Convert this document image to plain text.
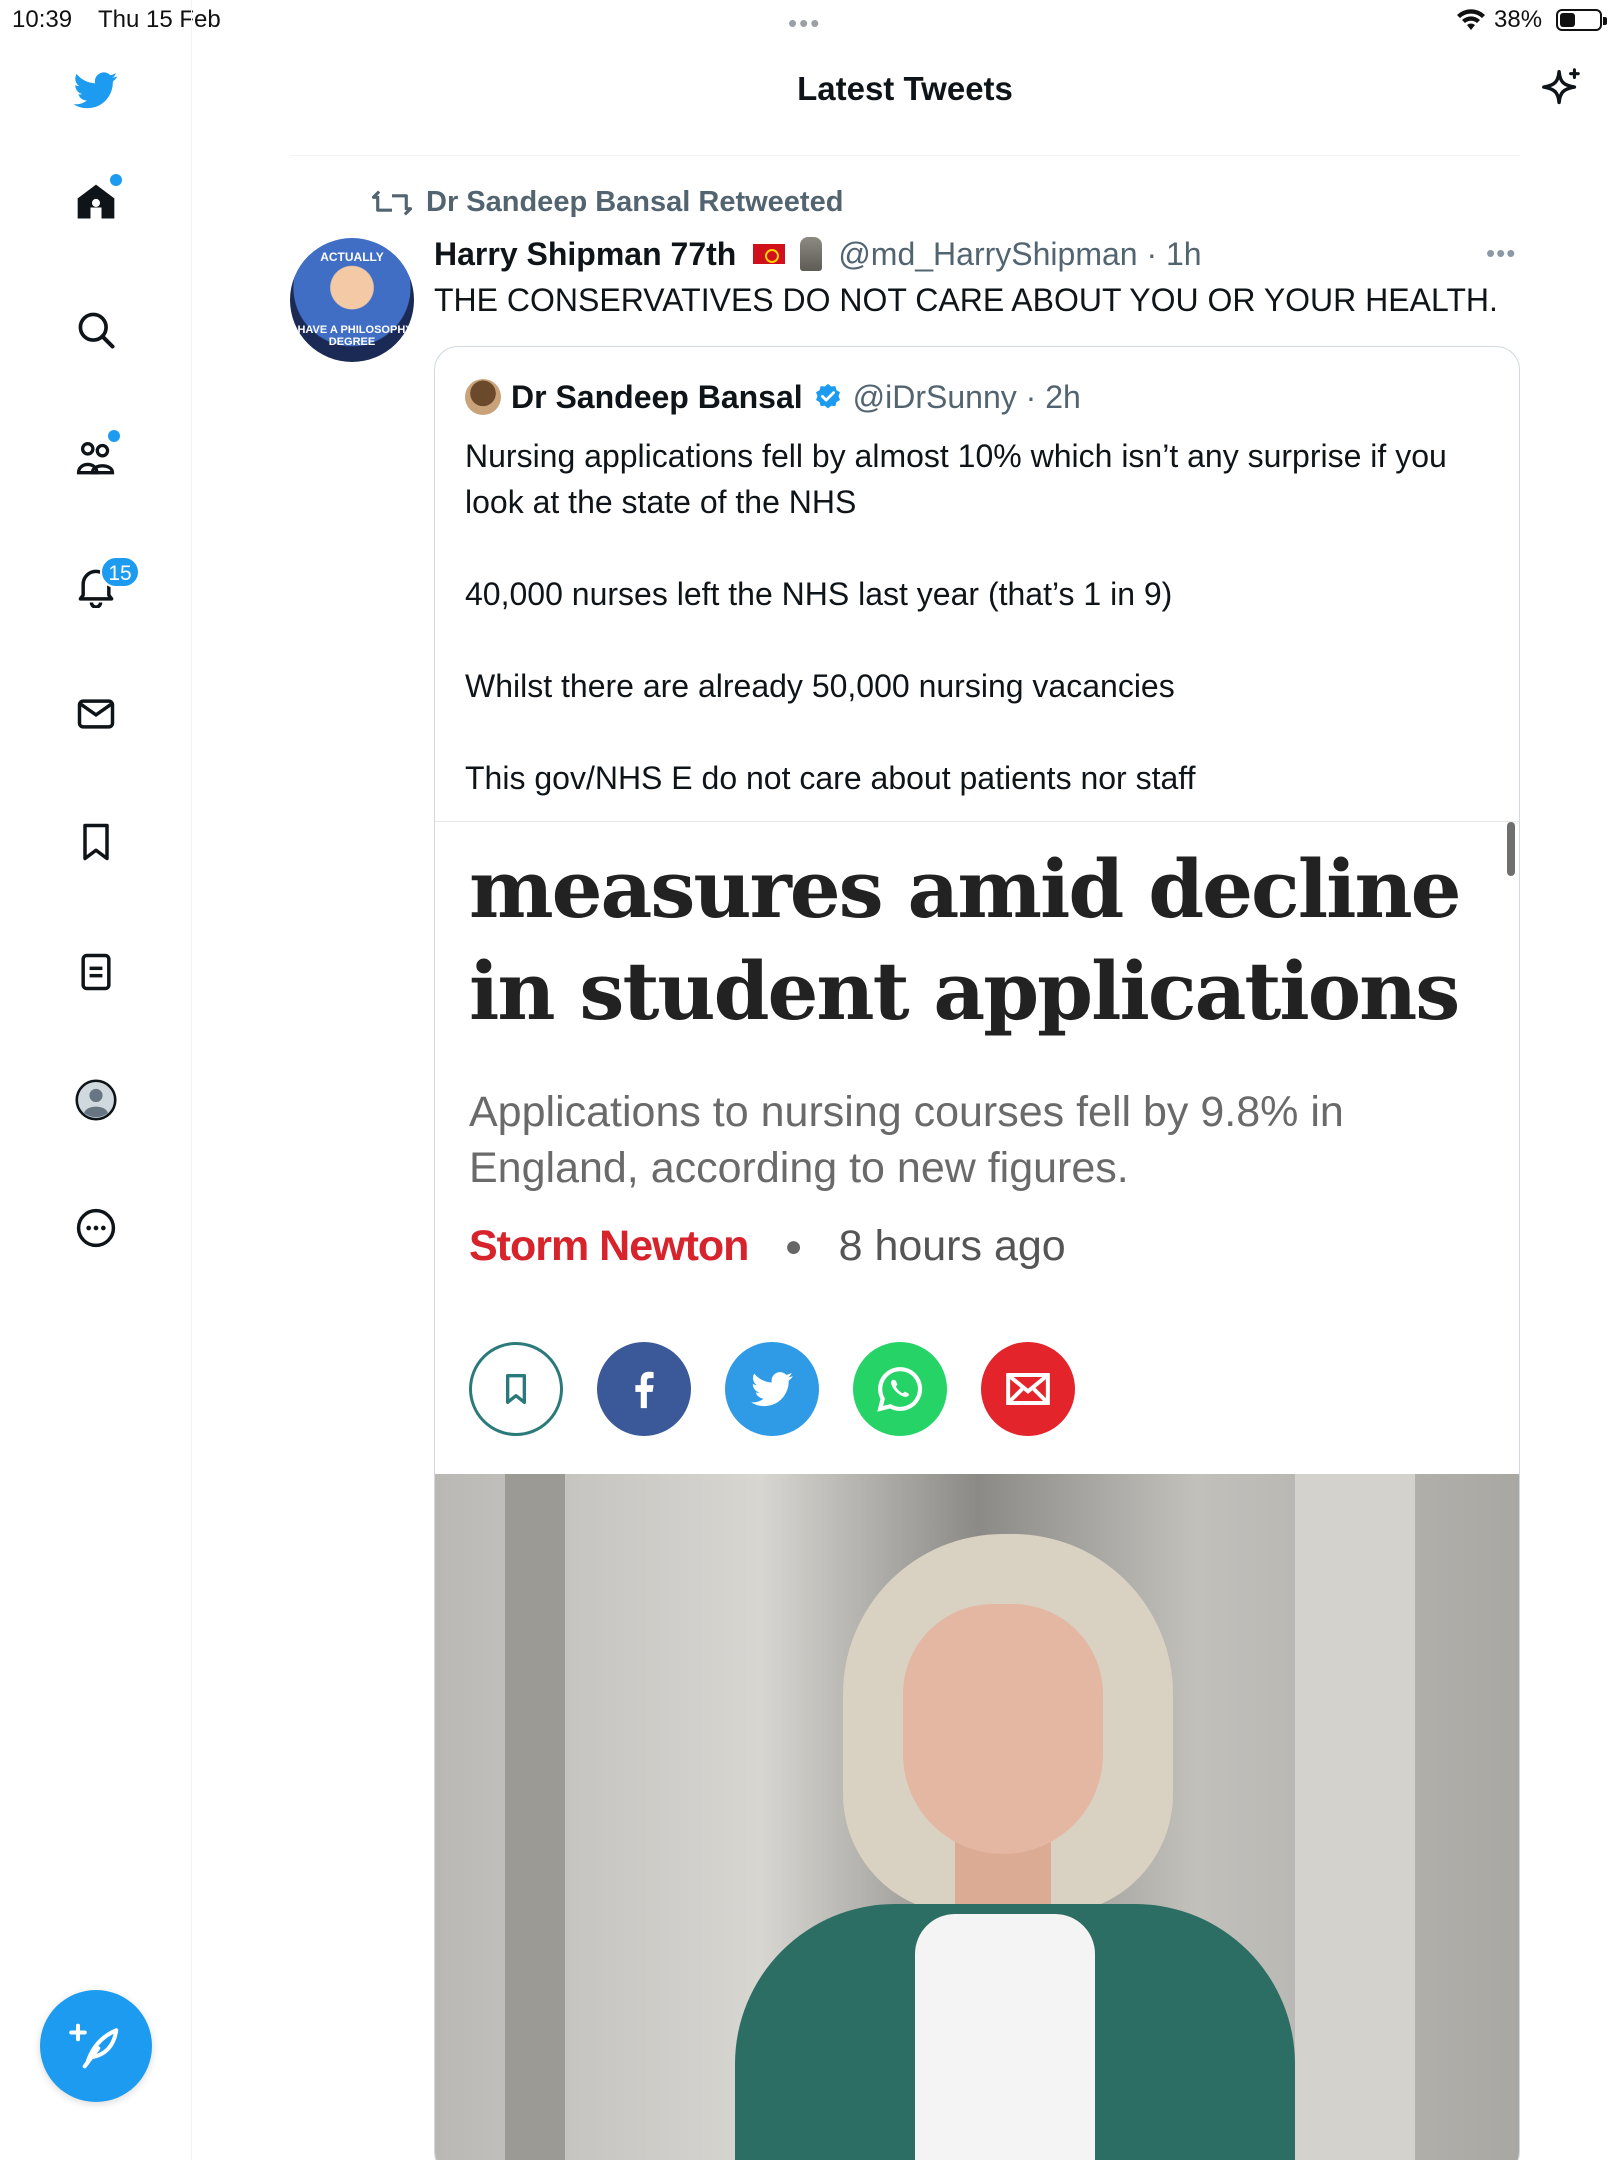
10:39 Thu 15 Feb	•••	38%
15
Latest Tweets
Dr Sandeep Bansal Retweeted
ACTUALLY
I HAVE A PHILOSOPHY DEGREE
Harry Shipman 77th	@md_HarryShipman · 1h	•••
THE CONSERVATIVES DO NOT CARE ABOUT YOU OR YOUR HEALTH.
Dr Sandeep Bansal @iDrSunny · 2h

Nursing applications fell by almost 10% which isn’t any surprise if you look at the state of the NHS

40,000 nurses left the NHS last year (that’s 1 in 9)

Whilst there are already 50,000 nursing vacancies

This gov/NHS E do not care about patients nor staff

measures amid decline in student applications
Applications to nursing courses fell by 9.8% in England, according to new figures.
Storm Newton ● 8 hours ago
